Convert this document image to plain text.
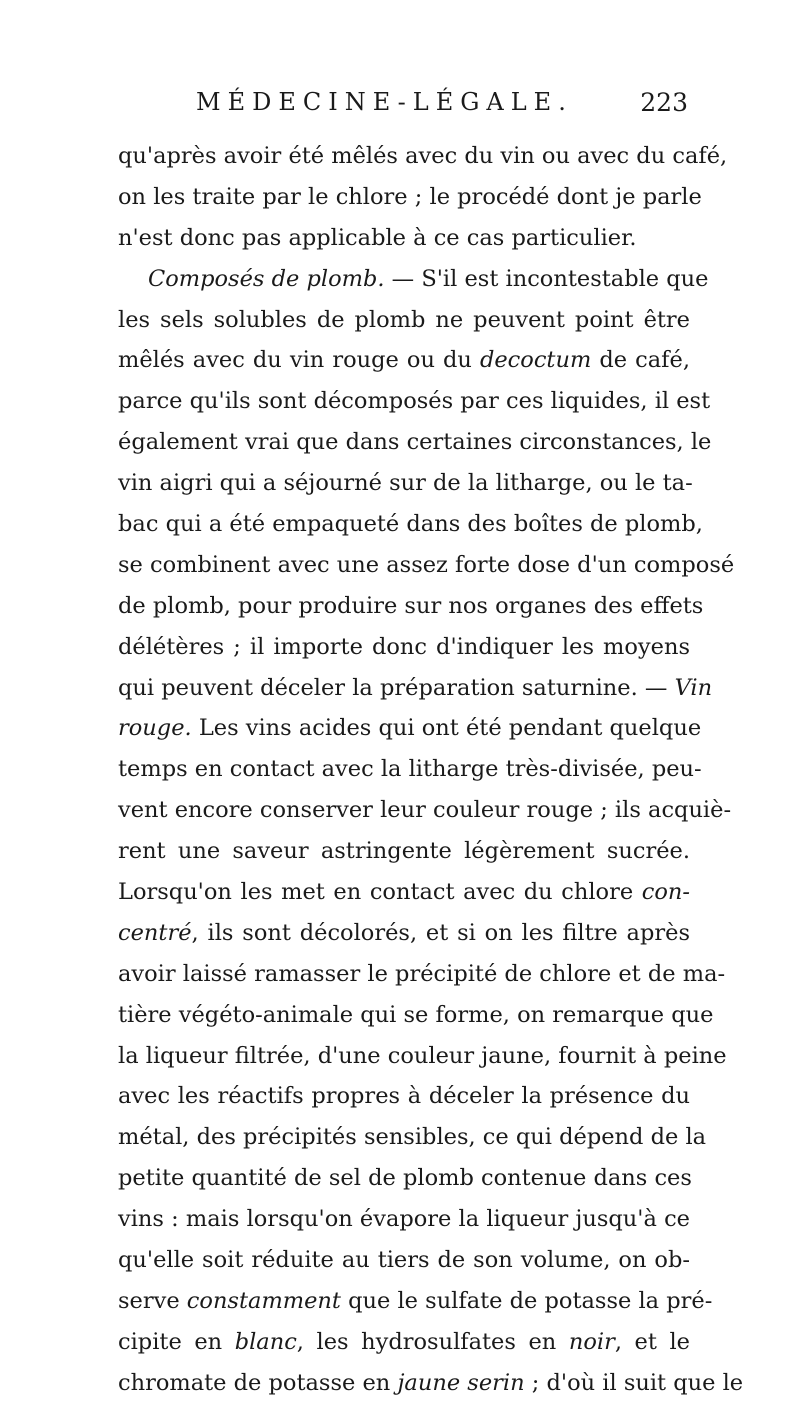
MÉDECINE-LÉGALE.	223
qu'après avoir été mêlés avec du vin ou avec du café,
on les traite par le chlore ; le procédé dont je parle
n'est donc pas applicable à ce cas particulier.
Composés de plomb. — S'il est incontestable que
les sels solubles de plomb ne peuvent point être
mêlés avec du vin rouge ou du decoctum de café,
parce qu'ils sont décomposés par ces liquides, il est
également vrai que dans certaines circonstances, le
vin aigri qui a séjourné sur de la litharge, ou le ta-
bac qui a été empaqueté dans des boîtes de plomb,
se combinent avec une assez forte dose d'un composé
de plomb, pour produire sur nos organes des effets
délétères ; il importe donc d'indiquer les moyens
qui peuvent déceler la préparation saturnine. — Vin
rouge. Les vins acides qui ont été pendant quelque
temps en contact avec la litharge très-divisée, peu-
vent encore conserver leur couleur rouge ; ils acquiè-
rent une saveur astringente légèrement sucrée.
Lorsqu'on les met en contact avec du chlore con-
centré, ils sont décolorés, et si on les filtre après
avoir laissé ramasser le précipité de chlore et de ma-
tière végéto-animale qui se forme, on remarque que
la liqueur filtrée, d'une couleur jaune, fournit à peine
avec les réactifs propres à déceler la présence du
métal, des précipités sensibles, ce qui dépend de la
petite quantité de sel de plomb contenue dans ces
vins : mais lorsqu'on évapore la liqueur jusqu'à ce
qu'elle soit réduite au tiers de son volume, on ob-
serve constamment que le sulfate de potasse la pré-
cipite en blanc, les hydrosulfates en noir, et le
chromate de potasse en jaune serin ; d'où il suit que le
